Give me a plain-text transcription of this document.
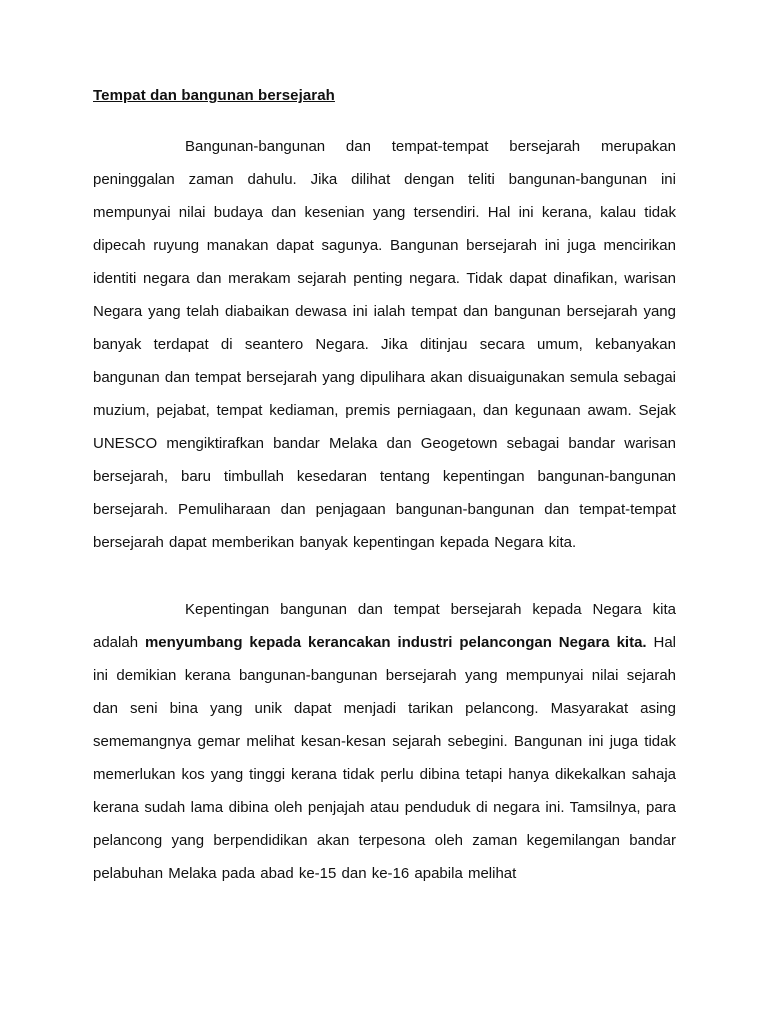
Tempat dan bangunan bersejarah

Bangunan-bangunan dan tempat-tempat bersejarah merupakan peninggalan zaman dahulu. Jika dilihat dengan teliti bangunan-bangunan ini mempunyai nilai budaya dan kesenian yang tersendiri. Hal ini kerana, kalau tidak dipecah ruyung manakan dapat sagunya. Bangunan bersejarah ini juga mencirikan identiti negara dan merakam sejarah penting negara. Tidak dapat dinafikan, warisan Negara yang telah diabaikan dewasa ini ialah tempat dan bangunan bersejarah yang banyak terdapat di seantero Negara. Jika ditinjau secara umum, kebanyakan bangunan dan tempat bersejarah yang dipulihara akan disuaigunakan semula sebagai muzium, pejabat, tempat kediaman, premis perniagaan, dan kegunaan awam. Sejak UNESCO mengiktirafkan bandar Melaka dan Geogetown sebagai bandar warisan bersejarah, baru timbullah kesedaran tentang kepentingan bangunan-bangunan bersejarah. Pemuliharaan dan penjagaan bangunan-bangunan dan tempat-tempat bersejarah dapat memberikan banyak kepentingan kepada Negara kita.

Kepentingan bangunan dan tempat bersejarah kepada Negara kita adalah menyumbang kepada kerancakan industri pelancongan Negara kita. Hal ini demikian kerana bangunan-bangunan bersejarah yang mempunyai nilai sejarah dan seni bina yang unik dapat menjadi tarikan pelancong. Masyarakat asing sememangnya gemar melihat kesan-kesan sejarah sebegini. Bangunan ini juga tidak memerlukan kos yang tinggi kerana tidak perlu dibina tetapi hanya dikekalkan sahaja kerana sudah lama dibina oleh penjajah atau penduduk di negara ini. Tamsilnya, para pelancong yang berpendidikan akan terpesona oleh zaman kegemilangan bandar pelabuhan Melaka pada abad ke-15 dan ke-16 apabila melihat
